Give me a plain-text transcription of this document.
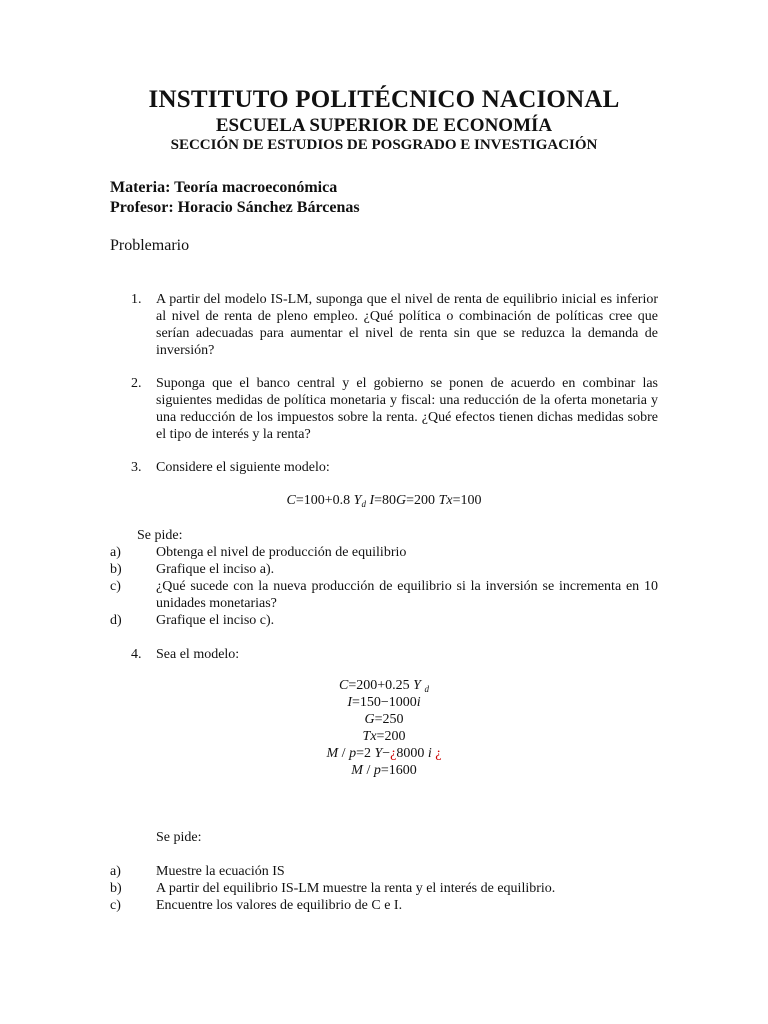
INSTITUTO POLITÉCNICO NACIONAL
ESCUELA SUPERIOR DE ECONOMÍA
SECCIÓN DE ESTUDIOS DE POSGRADO E INVESTIGACIÓN
Materia: Teoría macroeconómica
Profesor: Horacio Sánchez Bárcenas
Problemario
1.	A partir del modelo IS-LM, suponga que el nivel de renta de equilibrio inicial es inferior al nivel de renta de pleno empleo. ¿Qué política o combinación de políticas cree que serían adecuadas para aumentar el nivel de renta sin que se reduzca la demanda de inversión?
2.	Suponga que el banco central y el gobierno se ponen de acuerdo en combinar las siguientes medidas de política monetaria y fiscal: una reducción de la oferta monetaria y una reducción de los impuestos sobre la renta. ¿Qué efectos tienen dichas medidas sobre el tipo de interés y la renta?
3.	Considere el siguiente modelo:
C=100+0.8 $Y_d$ I=80G=200 Tx=100
Se pide:
a)	Obtenga el nivel de producción de equilibrio
b)	Grafique el inciso a).
c)	¿Qué sucede con la nueva producción de equilibrio si la inversión se incrementa en 10 unidades monetarias?
d)	Grafique el inciso c).
4.	Sea el modelo:
C=200+0.25 Y $_d$
I=150−1000i
G=250
Tx=200
M / p=2 Y−¿8000 i ¿
M / p=1600
Se pide:
a)	Muestre la ecuación IS
b)	A partir del equilibrio IS-LM muestre la renta y el interés de equilibrio.
c)	Encuentre los valores de equilibrio de C e I.
